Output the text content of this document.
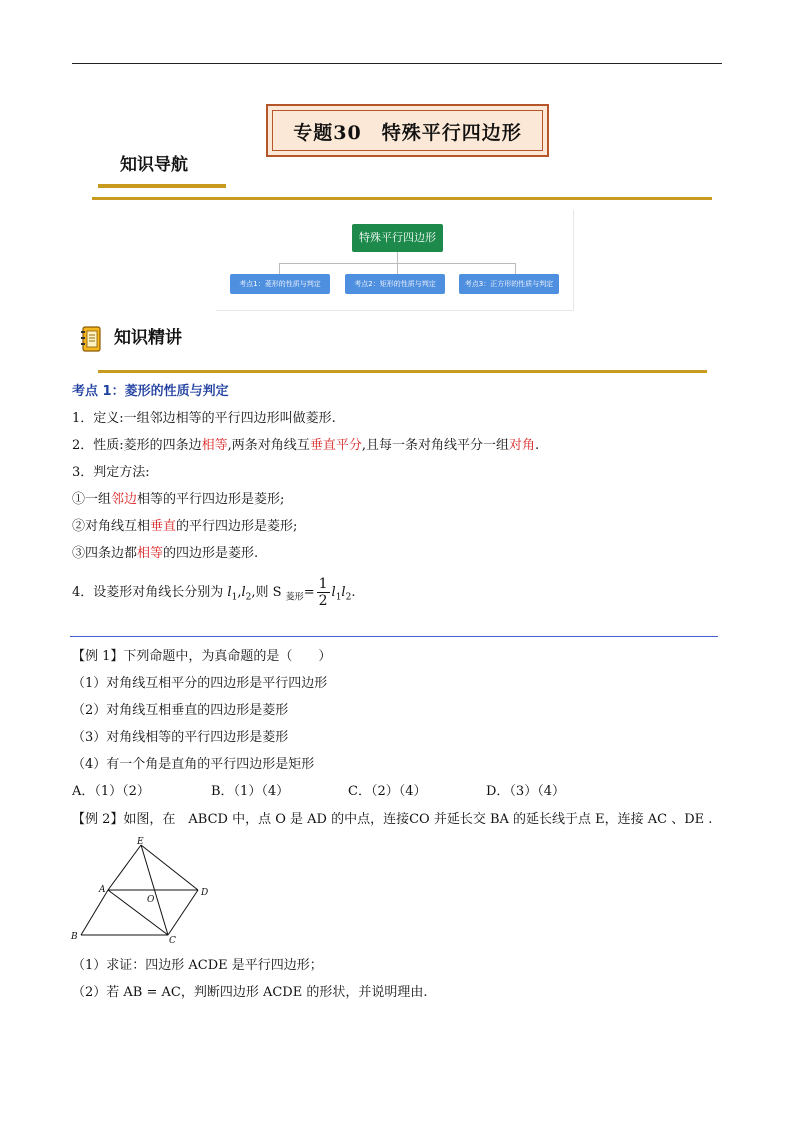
专题30　特殊平行四边形
知识导航
特殊平行四边形
考点1：菱形的性质与判定	考点2：矩形的性质与判定	考点3：正方形的性质与判定
知识精讲
考点 1：菱形的性质与判定
1．定义:一组邻边相等的平行四边形叫做菱形.
2．性质:菱形的四条边相等,两条对角线互垂直平分,且每一条对角线平分一组对角.
3．判定方法:
①一组邻边相等的平行四边形是菱形;
②对角线互相垂直的平行四边形是菱形;
③四条边都相等的四边形是菱形.
4．设菱形对角线长分别为 $l_1,l_2$,则 S $_{菱形}= \frac{1}{2} l_1l_2$.
【例 1】下列命题中，为真命题的是（　　）
（1）对角线互相平分的四边形是平行四边形
（2）对角线互相垂直的四边形是菱形
（3）对角线相等的平行四边形是菱形
（4）有一个角是直角的平行四边形是矩形
A．（1）（2）	B．（1）（4）	C．（2）（4）	D．（3）（4）
【例 2】如图，在　ABCD 中，点 O 是 AD 的中点，连接CO 并延长交 BA 的延长线于点 E，连接 AC 、DE .
E
A
O
D
B	C
（1）求证：四边形 ACDE 是平行四边形；
（2）若 AB = AC，判断四边形 ACDE 的形状，并说明理由.
